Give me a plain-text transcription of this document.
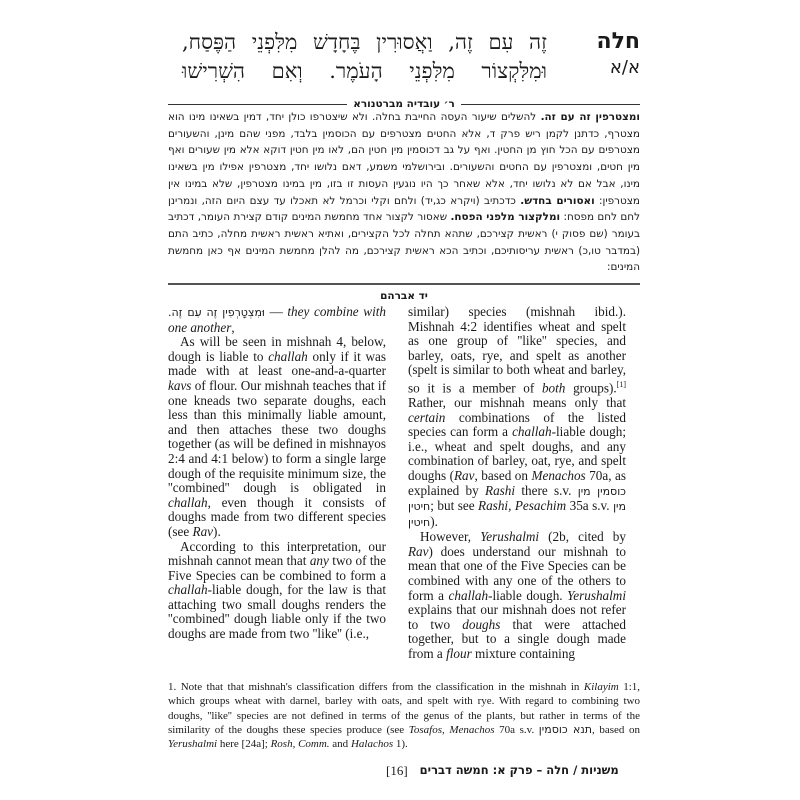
חלה
א/א
זֶה עִם זֶה, וַאֲסוּרִין בֶּחָדָשׁ מִלִּפְנֵי הַפֶּסַח,
וּמִלִּקְצוֹר מִלִּפְנֵי הָעֹמֶר. וְאִם הִשְׁרִישׁוּ
ר׳ עובדיה מברטנורא
ומצטרפין זה עם זה. להשלים שיעור העסה החייבת בחלה. ולא שיצטרפו כולן יחד, דמין בשאינו מינו הוא מצטרף, כדתנן לקמן ריש פרק ד, אלא החטים מצטרפים עם הכוסמין בלבד, מפני שהם מינן, והשעורים מצטרפים עם הכל חוץ מן החטין. ואף על גב דכוסמין מין חטין הם, לאו מין חטין דוקא אלא מין שעורים ואף מין חטים, ומצטרפין עם החטים והשעורים. ובירושלמי משמע, דאם נלושו יחד, מצטרפין אפילו מין בשאינו מינו, אבל אם לא נלושו יחד, אלא שאחר כך היו נוגעין העסות זו בזו, מין במינו מצטרפין, שלא במינו אין מצטרפין: ואסורים בחדש. כדכתיב (ויקרא כג,יד) ולחם וקלי וכרמל לא תאכלו עד עצם היום הזה, ונמרינן לחם לחם מפסח: ומלקצור מלפני הפסח. שאסור לקצור אחד מחמשת המינים קודם קצירת העומר, דכתיב בעומר (שם פסוק י) ראשית קצירכם, שתהא תחלה לכל הקצירים, ואתיא ראשית ראשית מחלה, כתיב התם (במדבר טו,כ) ראשית עריסותיכם, וכתיב הכא ראשית קצירכם, מה להלן מחמשת המינים אף כאן מחמשת המינים:
יד אברהם

וּמִצְטָרְפִין זֶה עִם זֶה. — they combine with one another,

As will be seen in mishnah 4, below, dough is liable to challah only if it was made with at least one-and-a-quarter kavs of flour. Our mishnah teaches that if one kneads two separate doughs, each less than this minimally liable amount, and then attaches these two doughs together (as will be defined in mishnayos 2:4 and 4:1 below) to form a single large dough of the requisite minimum size, the ''combined'' dough is obligated in challah, even though it consists of doughs made from two different species (see Rav).

According to this interpretation, our mishnah cannot mean that any two of the Five Species can be combined to form a challah-liable dough, for the law is that attaching two small doughs renders the ''combined'' dough liable only if the two doughs are made from two ''like'' (i.e.,

similar) species (mishnah ibid.). Mishnah 4:2 identifies wheat and spelt as one group of ''like'' species, and barley, oats, rye, and spelt as another (spelt is similar to both wheat and barley, so it is a member of both groups).[1] Rather, our mishnah means only that certain combinations of the listed species can form a challah-liable dough; i.e., wheat and spelt doughs, and any combination of barley, oat, rye, and spelt doughs (Rav, based on Menachos 70a, as explained by Rashi there s.v. כוסמין מין חיטין; but see Rashi, Pesachim 35a s.v. מין חיטין).

However, Yerushalmi (2b, cited by Rav) does understand our mishnah to mean that one of the Five Species can be combined with any one of the others to form a challah-liable dough. Yerushalmi explains that our mishnah does not refer to two doughs that were attached together, but to a single dough made from a flour mixture containing

1. Note that that mishnah's classification differs from the classification in the mishnah in Kilayim 1:1, which groups wheat with darnel, barley with oats, and spelt with rye. With regard to combining two doughs, ''like'' species are not defined in terms of the genus of the plants, but rather in terms of the similarity of the doughs these species produce (see Tosafos, Menachos 70a s.v. תנא כוסמין, based on Yerushalmi here [24a]; Rosh, Comm. and Halachos 1).
[16] משניות / חלה – פרק א: חמשה דברים
